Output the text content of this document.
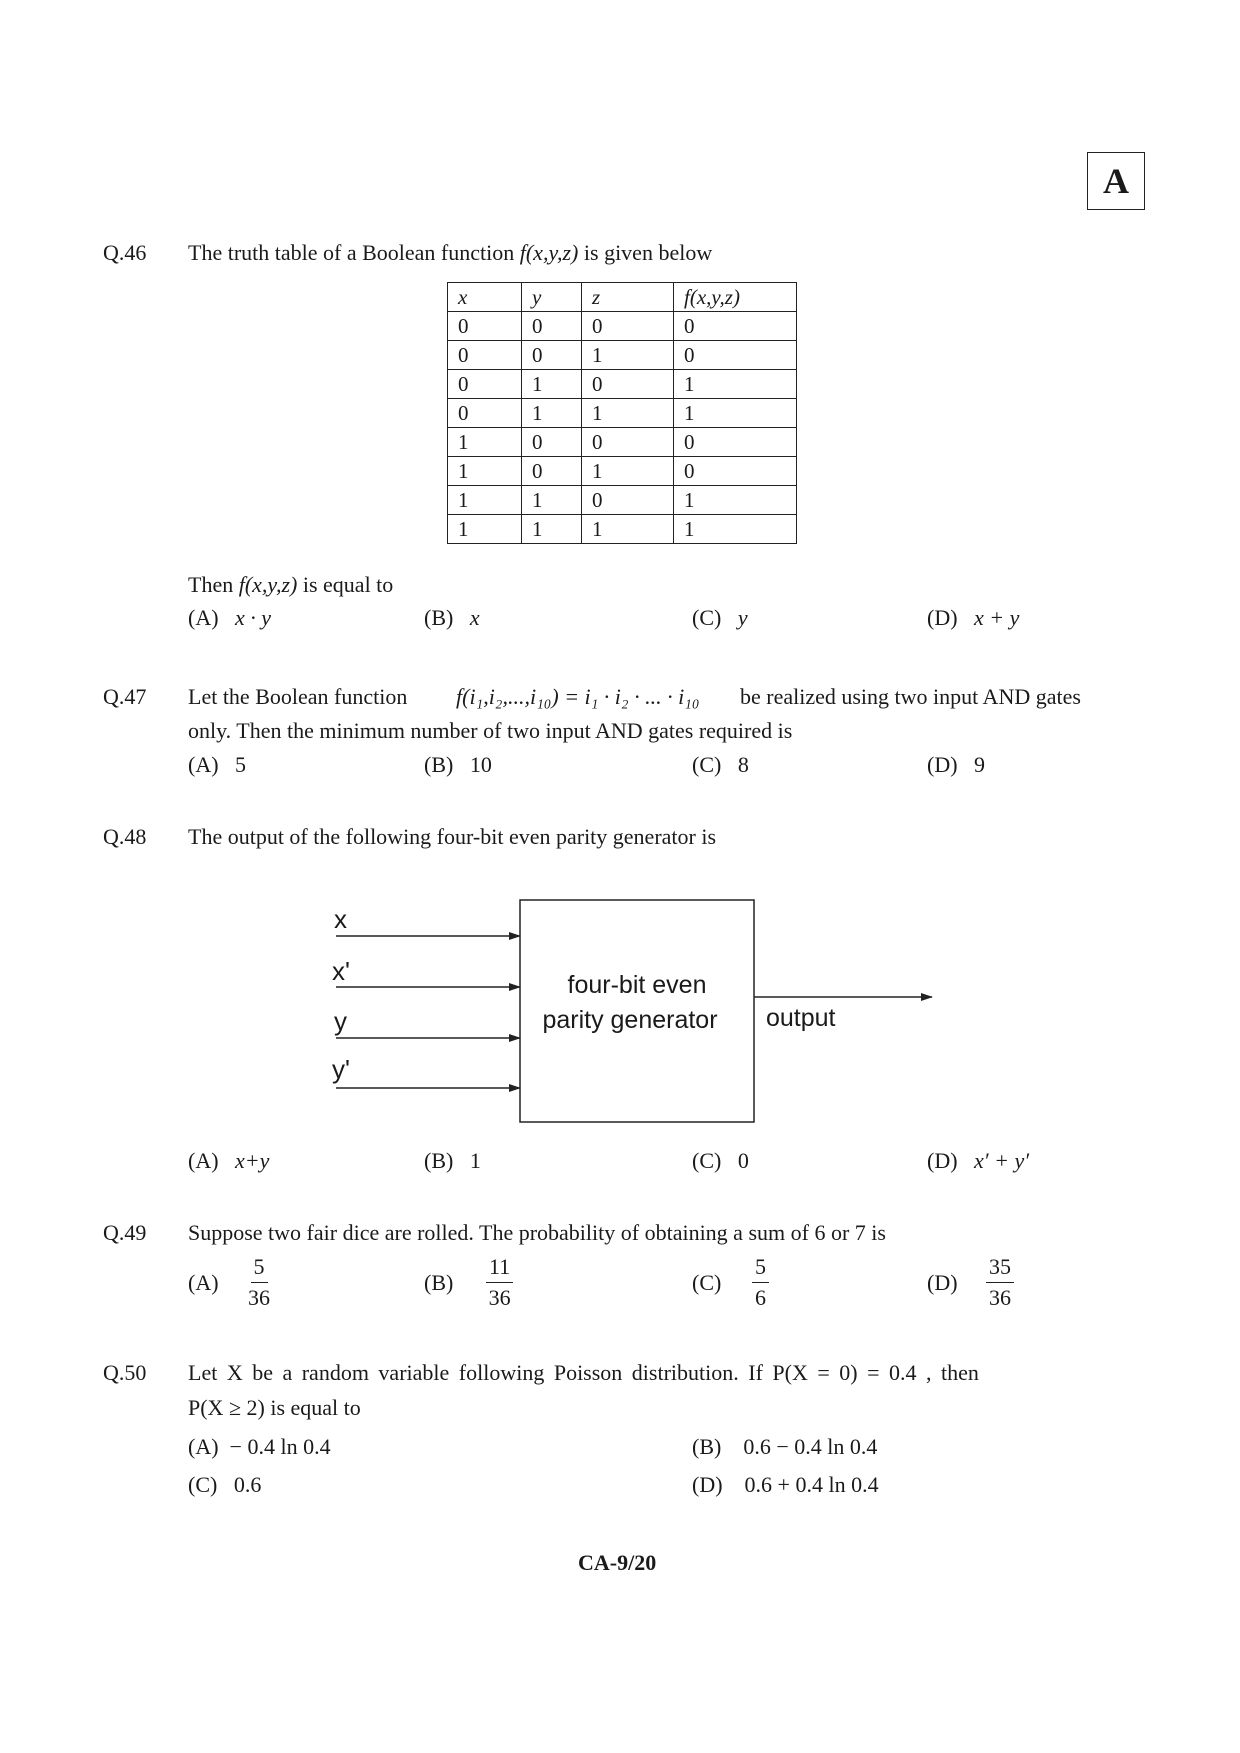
A
Q.46 The truth table of a Boolean function f(x,y,z) is given below
x	y	z	f(x,y,z)
0	0	0	0
0	0	1	0
0	1	0	1
0	1	1	1
1	0	0	0
1	0	1	0
1	1	0	1
1	1	1	1
Then f(x,y,z) is equal to
(A) x · y	(B) x	(C) y	(D) x + y
Q.47 Let the Boolean function f(i₁,i₂,...,i₁₀) = i₁ · i₂ · ... · i₁₀ be realized using two input AND gates
only. Then the minimum number of two input AND gates required is
(A) 5	(B) 10	(C) 8	(D) 9
Q.48 The output of the following four-bit even parity generator is
x
x'
y
y'
four-bit even
parity generator output
(A) x+y	(B) 1	(C) 0	(D) x′ + y′
Q.49 Suppose two fair dice are rolled. The probability of obtaining a sum of 6 or 7 is
$(A) \frac{5}{36}$	$(B) \frac{11}{36}$	$(C) \frac{5}{6}$	$(D) \frac{35}{36}$
Q.50 Let X be a random variable following Poisson distribution. If P(X = 0) = 0.4 , then
P(X ≥ 2) is equal to
(A) − 0.4 ln 0.4	(B) 0.6 − 0.4 ln 0.4
(C) 0.6	(D) 0.6 + 0.4 ln 0.4
CA-9/20
